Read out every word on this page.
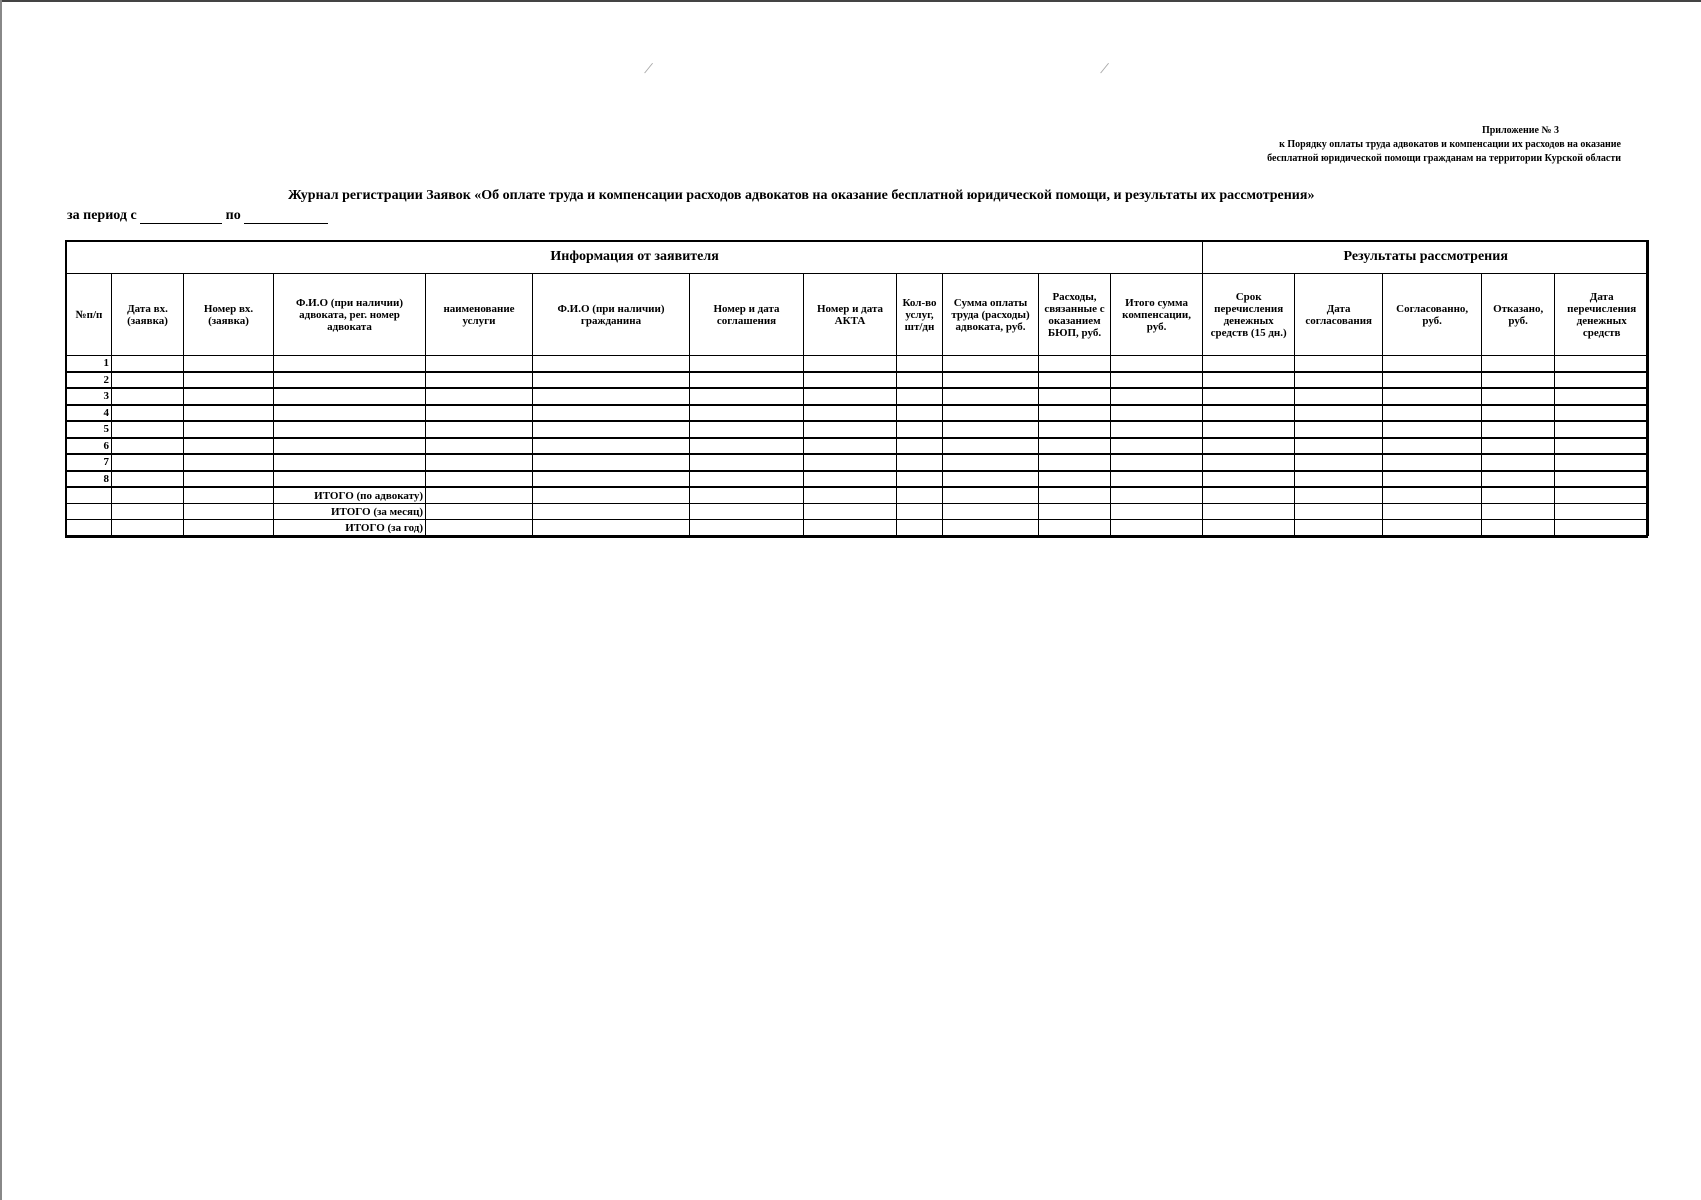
/	/
Приложение № 3
к Порядку оплаты труда адвокатов и компенсации их расходов на оказание
бесплатной юридической помощи гражданам на территории Курской области
Журнал регистрации Заявок «Об оплате труда и компенсации расходов адвокатов на оказание бесплатной юридической помощи, и результаты их рассмотрения»
за период с	по
Информация от заявителя												Результаты рассмотрения				
№п/п	Дата вх. (заявка)	Номер вх. (заявка)	Ф.И.О (при наличии) адвоката, рег. номер адвоката	наименование услуги	Ф.И.О (при наличии) гражданина	Номер и дата соглашения	Номер и дата АКТА	Кол-во услуг, шт/дн	Сумма оплаты труда (расходы) адвоката, руб.	Расходы, связанные с оказанием БЮП, руб.	Итого сумма компенсации, руб.	Срок перечисления денежных средств (15 дн.)	Дата согласования	Согласованно, руб.	Отказано, руб.	Дата перечисления денежных средств
1																
2																
3																
4																
5																
6																
7																
8																
			ИТОГО (по адвокату)													
			ИТОГО (за месяц)													
			ИТОГО (за год)													
